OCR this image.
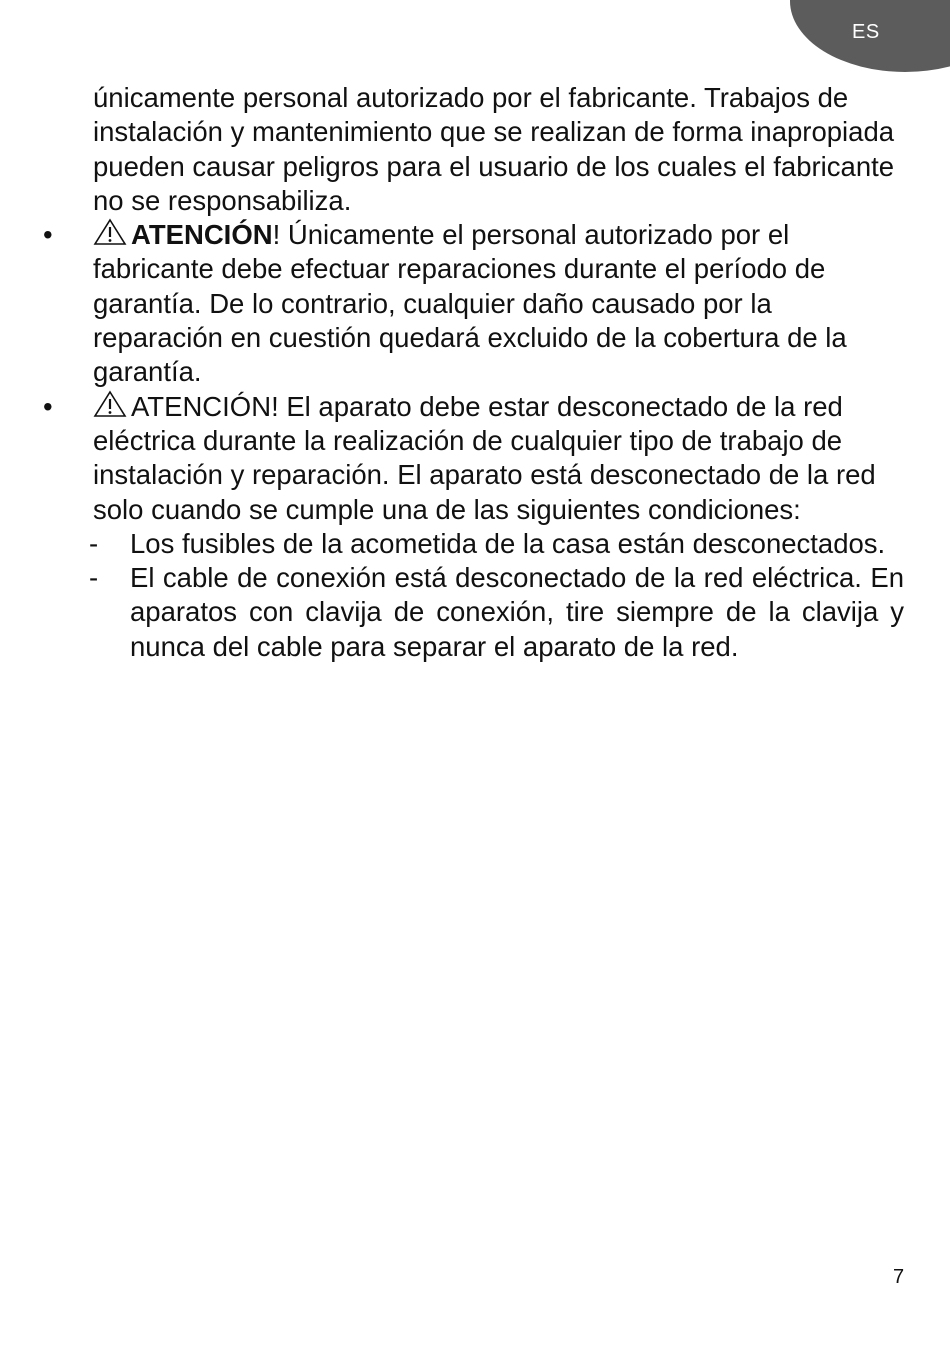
ES

únicamente personal autorizado por el fabricante. Trabajos de instalación y mantenimiento que se realizan de forma inapropiada pueden causar peligros para el usuario de los cuales el fabricante no se responsabiliza.

•	ATENCIÓN! Únicamente el personal autorizado por el fabricante debe efectuar reparaciones durante el período de garantía. De lo contrario, cualquier daño causado por la reparación en cuestión quedará excluido de la cobertura de la garantía.
•	ATENCIÓN! El aparato debe estar desconectado de la red eléctrica durante la realización de cualquier tipo de trabajo de instalación y reparación. El aparato está desconectado de la red solo cuando se cumple una de las siguientes condiciones:
- Los fusibles de la acometida de la casa están desconectados.
- El cable de conexión está desconectado de la red eléctrica. En aparatos con clavija de conexión, tire siempre de la clavija y nunca del cable para separar el aparato de la red.
7
